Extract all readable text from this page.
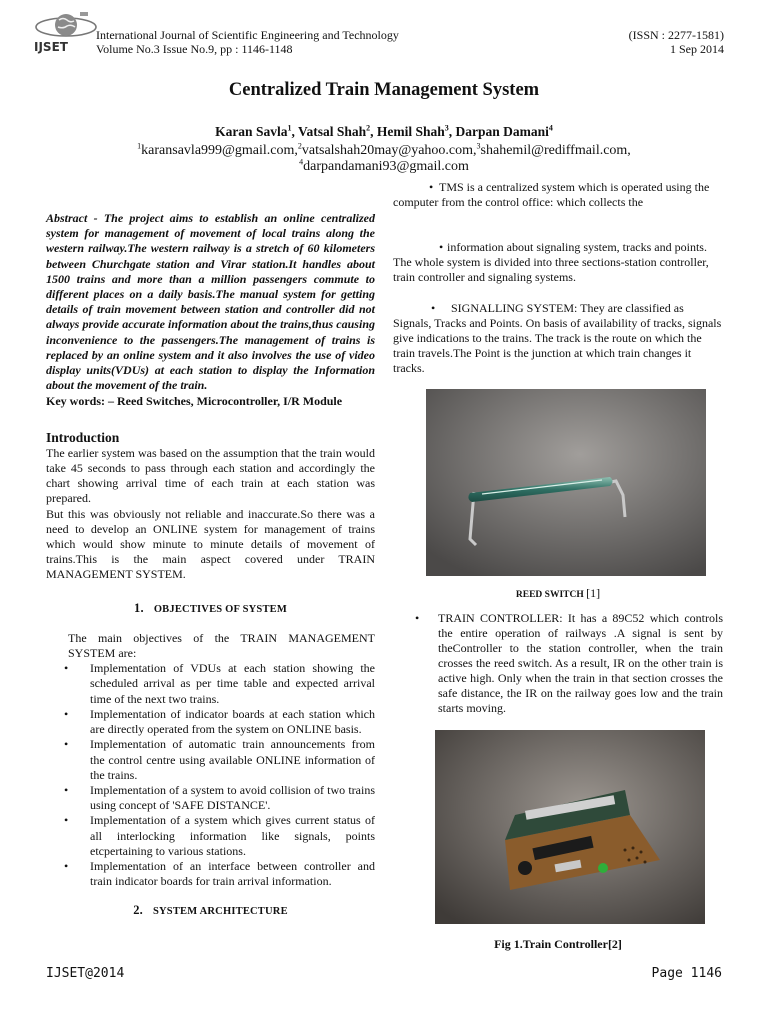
IJSET
International Journal of Scientific Engineering and Technology
Volume No.3 Issue No.9, pp : 1146-1148
(ISSN : 2277-1581)
1 Sep 2014
Centralized Train Management System
Karan Savla$^1$, Vatsal Shah$^2$, Hemil Shah$^3$, Darpan Damani$^4$
$^1$karansavla999@gmail.com,$^2$vatsalshah20may@yahoo.com,$^3$shahemil@rediffmail.com,
$^4$darpandamani93@gmail.com

Abstract - The project aims to establish an online centralized system for management of movement of local trains along the western railway.The western railway is a stretch of 60 kilometers between Churchgate station and Virar station.It handles about 1500 trains and more than a million passengers commute to different places on a daily basis.The manual system for getting details of train movement between station and controller did not always provide accurate information about the trains,thus causing inconvenience to the passengers.The management of trains is replaced by an online system and it also involves the use of video display units(VDUs) at each station to display the Information about the movement of the train.

Key words: – Reed Switches, Microcontroller, I/R Module
Introduction

The earlier system was based on the assumption that the train would take 45 seconds to pass through each station and accordingly the chart showing arrival time of each train at each station was prepared.

But this was obviously not reliable and inaccurate.So there was a need to develop an ONLINE system for management of trains which would show minute to minute details of movement of trains.This is the main aspect covered under TRAIN MANAGEMENT SYSTEM.

1. OBJECTIVES OF SYSTEM

The main objectives of the TRAIN MANAGEMENT SYSTEM are:

• Implementation of VDUs at each station showing the scheduled arrival as per time table and expected arrival time of the next two trains.
• Implementation of indicator boards at each station which are directly operated from the system on ONLINE basis.
• Implementation of automatic train announcements from the control centre using available ONLINE information of the trains.
• Implementation of a system to avoid collision of two trains using concept of 'SAFE DISTANCE'.
• Implementation of a system which gives current status of all interlocking information like signals, points etcpertaining to various stations.
• Implementation of an interface between controller and train indicator boards for train arrival information.
2. SYSTEM ARCHITECTURE
• TMS is a centralized system which is operated using the computer from the control office: which collects the
• information about signaling system, tracks and points. The whole system is divided into three sections-station controller, train controller and signaling systems.
• SIGNALLING SYSTEM: They are classified as Signals, Tracks and Points. On basis of availability of tracks, signals give indications to the trains. The track is the route on which the train travels.The Point is the junction at which train changes it tracks.
REED SWITCH [1]
• TRAIN CONTROLLER: It has a 89C52 which controls the entire operation of railways .A signal is sent by theController to the station controller, when the train crosses the reed switch. As a result, IR on the other train is active high. Only when the train in that section crosses the safe distance, the IR on the railway goes low and the train starts moving.

Fig 1.Train Controller[2]
IJSET@2014	Page 1146
